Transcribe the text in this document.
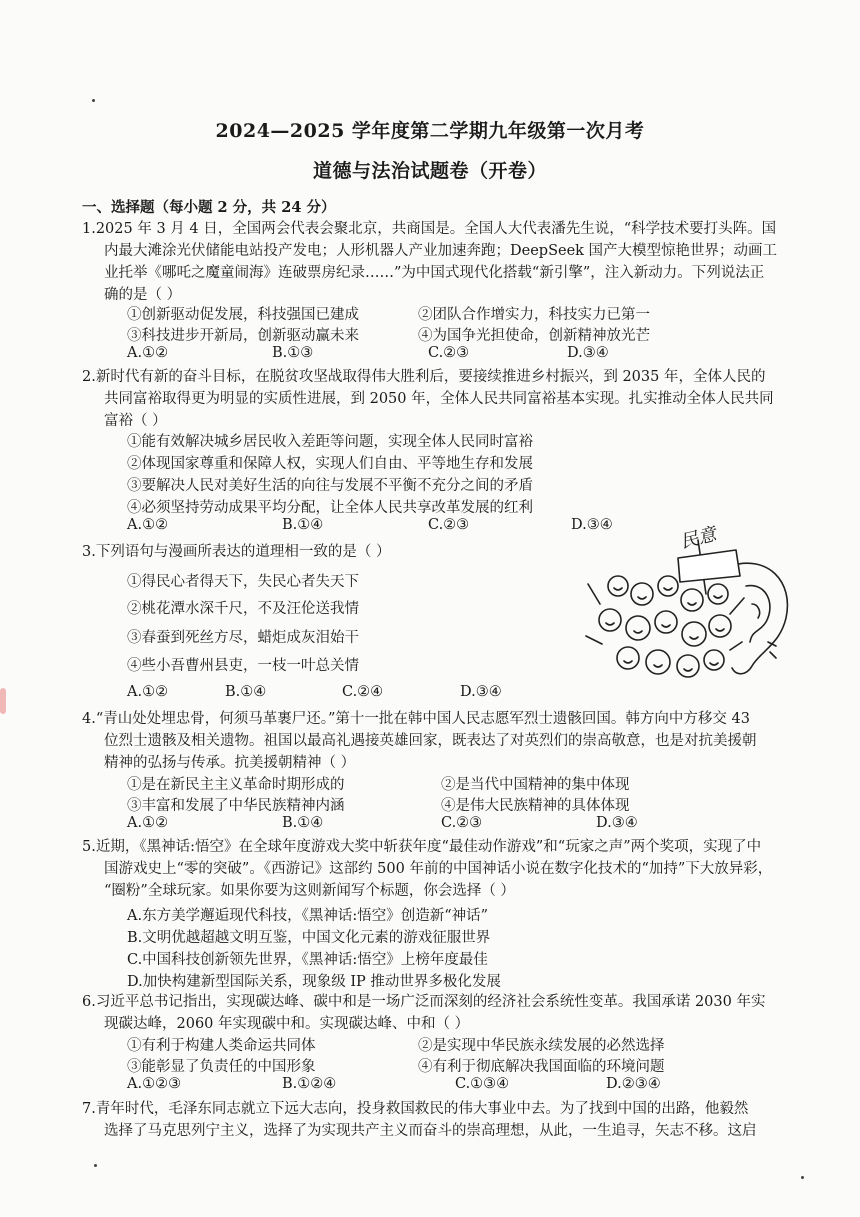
2024—2025 学年度第二学期九年级第一次月考
道德与法治试题卷（开卷）
一、选择题（每小题 2 分，共 24 分）
1.2025 年 3 月 4 日，全国两会代表会聚北京，共商国是。全国人大代表潘先生说，“科学技术要打头阵。国
内最大滩涂光伏储能电站投产发电；人形机器人产业加速奔跑；DeepSeek 国产大模型惊艳世界；动画工
业托举《哪吒之魔童闹海》连破票房纪录……”为中国式现代化搭载“新引擎”，注入新动力。下列说法正
确的是（ ）
①创新驱动促发展，科技强国已建成	②团队合作增实力，科技实力已第一
③科技进步开新局，创新驱动赢未来	④为国争光担使命，创新精神放光芒
A.①②	B.①③	C.②③	D.③④
2.新时代有新的奋斗目标，在脱贫攻坚战取得伟大胜利后，要接续推进乡村振兴，到 2035 年，全体人民的
共同富裕取得更为明显的实质性进展，到 2050 年，全体人民共同富裕基本实现。扎实推动全体人民共同
富裕（ ）
①能有效解决城乡居民收入差距等问题，实现全体人民同时富裕
②体现国家尊重和保障人权，实现人们自由、平等地生存和发展
③要解决人民对美好生活的向往与发展不平衡不充分之间的矛盾
④必须坚持劳动成果平均分配，让全体人民共享改革发展的红利
A.①②	B.①④	C.②③	D.③④
3.下列语句与漫画所表达的道理相一致的是（ ）
①得民心者得天下，失民心者失天下
②桃花潭水深千尺，不及汪伦送我情
③春蚕到死丝方尽，蜡炬成灰泪始干
④些小吾曹州县吏，一枝一叶总关情
A.①②	B.①④	C.②④	D.③④
民意
4.“青山处处埋忠骨，何须马革裹尸还。”第十一批在韩中国人民志愿军烈士遗骸回国。韩方向中方移交 43
位烈士遗骸及相关遗物。祖国以最高礼遇接英雄回家，既表达了对英烈们的崇高敬意，也是对抗美援朝
精神的弘扬与传承。抗美援朝精神（ ）
①是在新民主主义革命时期形成的	②是当代中国精神的集中体现
③丰富和发展了中华民族精神内涵	④是伟大民族精神的具体体现
A.①②	B.①④	C.②③	D.③④
5.近期，《黑神话:悟空》在全球年度游戏大奖中斩获年度“最佳动作游戏”和“玩家之声”两个奖项，实现了中
国游戏史上“零的突破”。《西游记》这部约 500 年前的中国神话小说在数字化技术的“加持”下大放异彩，
“圈粉”全球玩家。如果你要为这则新闻写个标题，你会选择（ ）
A.东方美学邂逅现代科技，《黑神话:悟空》创造新“神话”
B.文明优越超越文明互鉴，中国文化元素的游戏征服世界
C.中国科技创新领先世界，《黑神话:悟空》上榜年度最佳
D.加快构建新型国际关系，现象级 IP 推动世界多极化发展
6.习近平总书记指出，实现碳达峰、碳中和是一场广泛而深刻的经济社会系统性变革。我国承诺 2030 年实
现碳达峰，2060 年实现碳中和。实现碳达峰、中和（ ）
①有利于构建人类命运共同体	②是实现中华民族永续发展的必然选择
③能彰显了负责任的中国形象	④有利于彻底解决我国面临的环境问题
A.①②③	B.①②④	C.①③④	D.②③④
7.青年时代，毛泽东同志就立下远大志向，投身救国救民的伟大事业中去。为了找到中国的出路，他毅然
选择了马克思列宁主义，选择了为实现共产主义而奋斗的崇高理想，从此，一生追寻，矢志不移。这启
